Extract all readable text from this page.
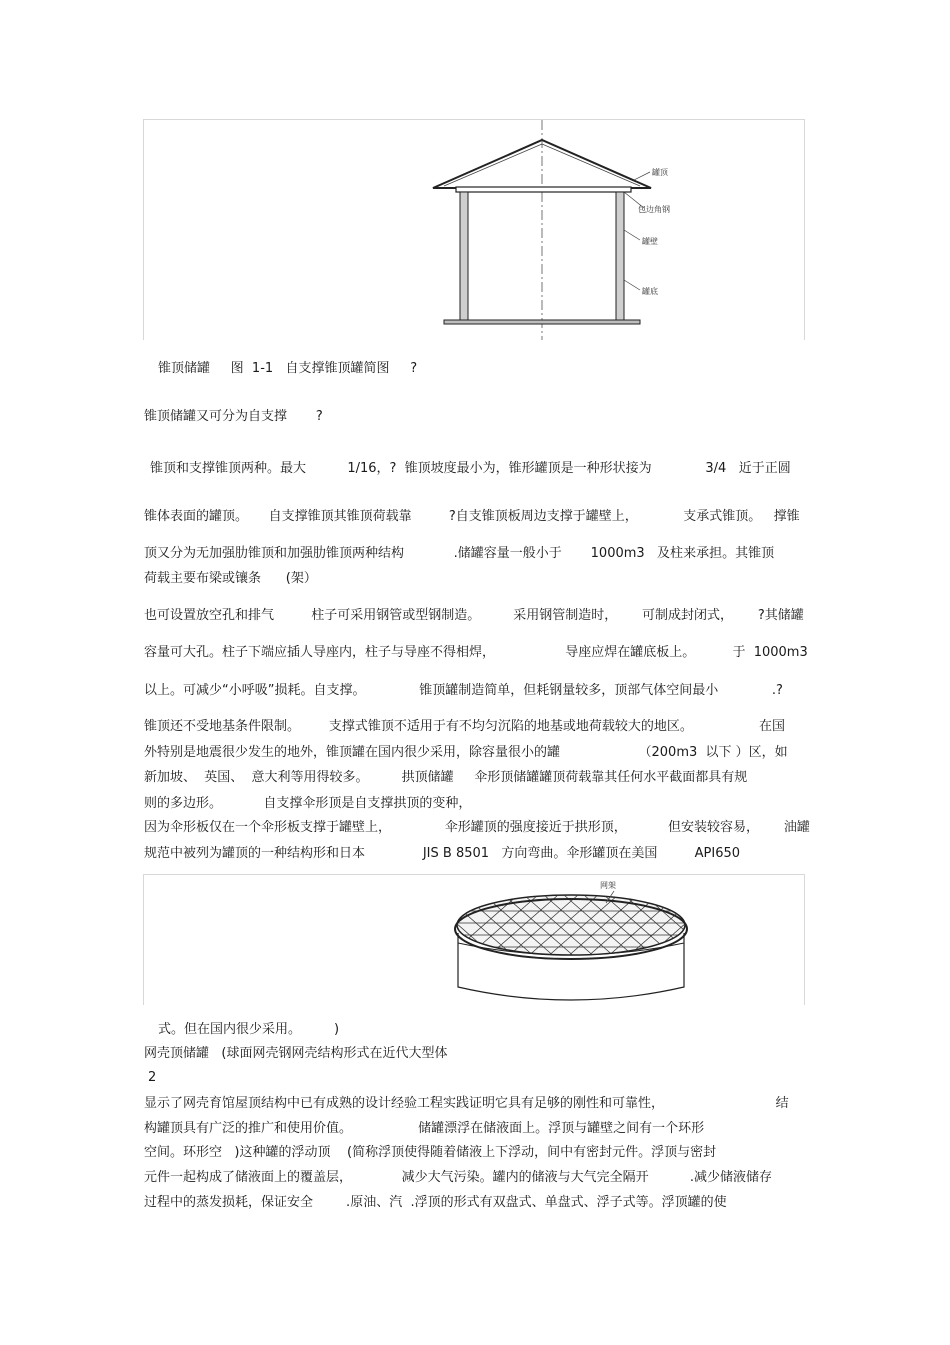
罐顶
包边角钢
罐壁
罐底
网架
锥顶储罐     图  1-1   自支撑锥顶罐简图     ?
锥顶储罐又可分为自支撑       ?
锥顶和支撑锥顶两种。最大          1/16，?  锥顶坡度最小为，锥形罐顶是一种形状接为             3/4   近于正圆
锥体表面的罐顶。     自支撑锥顶其锥顶荷载靠         ?自支锥顶板周边支撑于罐壁上，           支承式锥顶。   撑锥
顶又分为无加强肋锥顶和加强肋锥顶两种结构            .储罐容量一般小于       1000m3   及柱来承担。其锥顶
荷载主要布梁或镶条      (架）
也可设置放空孔和排气         柱子可采用钢管或型钢制造。        采用钢管制造时，      可制成封闭式，      ?其储罐
容量可大孔。柱子下端应插人导座内，柱子与导座不得相焊，                 导座应焊在罐底板上。         于  1000m3
以上。可减少“小呼吸”损耗。自支撑。             锥顶罐制造简单，但耗钢量较多，顶部气体空间最小             .?
锥顶还不受地基条件限制。       支撑式锥顶不适用于有不均匀沉陷的地基或地荷载较大的地区。                在国
外特别是地震很少发生的地外，锥顶罐在国内很少采用，除容量很小的罐                   （200m3  以下 ）区，如
新加坡、  英国、  意大利等用得较多。        拱顶储罐     伞形顶储罐罐顶荷载靠其任何水平截面都具有规
则的多边形。          自支撑伞形顶是自支撑拱顶的变种，
因为伞形板仅在一个伞形板支撑于罐壁上，             伞形罐顶的强度接近于拱形顶，          但安装较容易，      油罐
规范中被列为罐顶的一种结构形和日本              JIS B 8501   方向弯曲。伞形罐顶在美国         API650
式。但在国内很少采用。        )
网壳顶储罐   (球面网壳钢网壳结构形式在近代大型体
2
显示了网壳育馆屋顶结构中已有成熟的设计经验工程实践证明它具有足够的刚性和可靠性，                           结
构罐顶具有广泛的推广和使用价值。                储罐漂浮在储液面上。浮顶与罐壁之间有一个环形
空间。环形空   )这种罐的浮动顶    (简称浮顶使得随着储液上下浮动，间中有密封元件。浮顶与密封
元件一起构成了储液面上的覆盖层，            减少大气污染。罐内的储液与大气完全隔开          .减少储液储存
过程中的蒸发损耗，保证安全        .原油、汽  .浮顶的形式有双盘式、单盘式、浮子式等。浮顶罐的使
